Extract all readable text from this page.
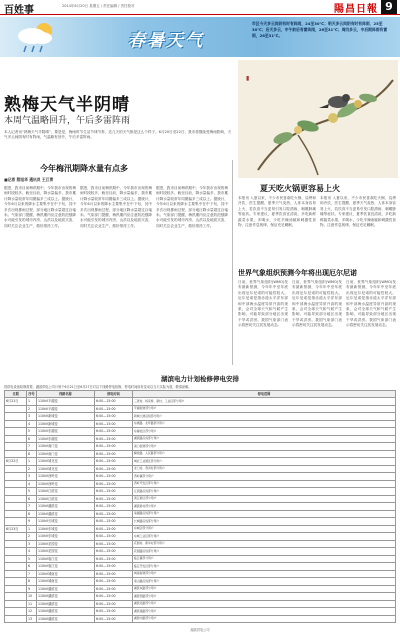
百姓事	2014年6月20日 星期五 / 责任编辑 / 责任校对	陽昌日報 9
春暑天气
市区今天多云间阴有时有阵雨，24至30℃；明天多云间阴有时有阵雨，25至30℃；后天多云，中午前后有雷阵雨，26至31℃；周四多云，中后期阵雨有雷雨，26至31℃。
▮
熟梅天气半阴晴
本周气温略回升，午后多雷阵雨
本人记者讯“熟梅天气半阴晴”，要是是，梅雨时节生活节律节奏，近几天的天气都是这么个样子。6月20日至22日，我市将继续受梅雨影响，天气多云间阴有时有阵雨，气温略有回升，午后多雷阵雨。
今年梅汛期降水量有点多
■记者 蔡旭华 通讯员 王江青
据悉，我市目前梅汛期中，今年我市出现的梅雨时段较多，截至目前，降水量偏多，我市累计降水量较常年同期偏多三成以上。据统计，今年6月以来的降水主要集中在中下旬，其中多次出现暴雨过程，部分地区降水量超过百毫米。气象部门提醒，梅汛期内应注意防范强降水可能引发的城市内涝、山洪以及地质灾害，同时关注农业生产，做好排涝工作。
据悉，我市目前梅汛期中，今年我市出现的梅雨时段较多，截至目前，降水量偏多，我市累计降水量较常年同期偏多三成以上。据统计，今年6月以来的降水主要集中在中下旬，其中多次出现暴雨过程，部分地区降水量超过百毫米。气象部门提醒，梅汛期内应注意防范强降水可能引发的城市内涝、山洪以及地质灾害，同时关注农业生产，做好排涝工作。
据悉，我市目前梅汛期中，今年我市出现的梅雨时段较多，截至目前，降水量偏多，我市累计降水量较常年同期偏多三成以上。据统计，今年6月以来的降水主要集中在中下旬，其中多次出现暴雨过程，部分地区降水量超过百毫米。气象部门提醒，梅汛期内应注意防范强降水可能引发的城市内涝、山洪以及地质灾害，同时关注农业生产，做好排涝工作。
夏天吃火锅更容易上火
本报讯 入夏以来，不少市民喜欢吃火锅、烧烤和冷饮，医生提醒，夏季天气炎热，人体本身容易上火，若饮食不当更易引发口腔溃疡、咽喉肿痛等症状。专家建议，夏季饮食宜清淡，多吃新鲜蔬菜水果，多喝水，少吃辛辣油腻和刺激性食物，注意作息规律，保证充足睡眠。
本报讯 入夏以来，不少市民喜欢吃火锅、烧烤和冷饮，医生提醒，夏季天气炎热，人体本身容易上火，若饮食不当更易引发口腔溃疡、咽喉肿痛等症状。专家建议，夏季饮食宜清淡，多吃新鲜蔬菜水果，多喝水，少吃辛辣油腻和刺激性食物，注意作息规律，保证充足睡眠。
世界气象组织预测今年将出现厄尔尼诺
日前，世界气象组织(WMO)发布最新预测，今年年中至年底出现厄尔尼诺的可能性较大。厄尔尼诺是指赤道太平洋东部和中部海水温度异常升高的现象，会对全球天气和气候产生影响，可能导致部分地区出现干旱或洪涝。我国气象部门表示将密切关注其发展动态。
日前，世界气象组织(WMO)发布最新预测，今年年中至年底出现厄尔尼诺的可能性较大。厄尔尼诺是指赤道太平洋东部和中部海水温度异常升高的现象，会对全球天气和气候产生影响，可能导致部分地区出现干旱或洪涝。我国气象部门表示将密切关注其发展动态。
日前，世界气象组织(WMO)发布最新预测，今年年中至年底出现厄尔尼诺的可能性较大。厄尔尼诺是指赤道太平洋东部和中部海水温度异常升高的现象，会对全球天气和气候产生影响，可能导致部分地区出现干旱或洪涝。我国气象部门表示将密切关注其发展动态。
湖滨电力计划检修停电安排
因供电设备检修需要，湖滨供电公司计划于6月21日至6月27日对以下线路停电检修，停电时间如有变动以当天实际为准，敬请谅解。
日期	序号	线路名称	停电时间	停电范围
6月21日	1	110kV平湖变	6:00—15:00	三湾村、杨家桥、新村、工业区部分用户
	2	110kV平湖变	6:00—15:00	平湖街道部分用户
	3	110kV新城变	6:00—15:00	新城大道沿线部分用户
	4	110kV新城变	6:00—15:00	东港路、北环路部分用户
	5	110kV东湖变	6:00—15:00	东湖社区部分用户
	6	110kV东湖变	6:00—15:00	湖滨路沿线部分用户
	7	110kV南门变	6:00—15:00	南门街道部分用户
	8	110kV南门变	6:00—15:00	解放路、人民路部分用户
6月22日	1	110kV城北变	6:00—15:00	城北工业园区部分用户
	2	110kV城北变	6:00—15:00	北门村、西河村部分用户
	3	110kV西岭变	6:00—15:00	西岭镇部分用户
	4	110kV西岭变	6:00—15:00	西岭开发区部分用户
	5	110kV江滨变	6:00—15:00	江滨路沿线部分用户
	6	110kV江滨变	6:00—15:00	滨江新区部分用户
	7	110kV湖滨变	6:00—15:00	湖滨新村部分用户
	8	110kV湖滨变	6:00—15:00	南湖路沿线部分用户
	9	110kV长城变	6:00—15:00	长城路沿线部分用户
6月23日	1	110kV东城变	6:00—15:00	东城区部分用户
	2	110kV东城变	6:00—15:00	东城工业区部分用户
	3	110kV花园变	6:00—15:00	花园村、新华村部分用户
	4	110kV花园变	6:00—15:00	花园路沿线部分用户
	5	110kV临江变	6:00—15:00	临江镇部分用户
	6	110kV临江变	6:00—15:00	临江开发区部分用户
	7	110kV城南变	6:00—15:00	城南街道部分用户
	8	110kV城南变	6:00—15:00	南山路沿线部分用户
	9	110kV湖滨变	6:00—15:00	湖滨东路部分用户
	10	110kV湖滨变	6:00—15:00	湖滨西路部分用户
	11	110kV湖滨变	6:00—15:00	湖滨北路部分用户
	12	110kV湖滨变	6:00—15:00	湖滨南路部分用户
	13	110kV湖滨变	6:00—15:00	湖滨中路部分用户
湖滨供电公司
